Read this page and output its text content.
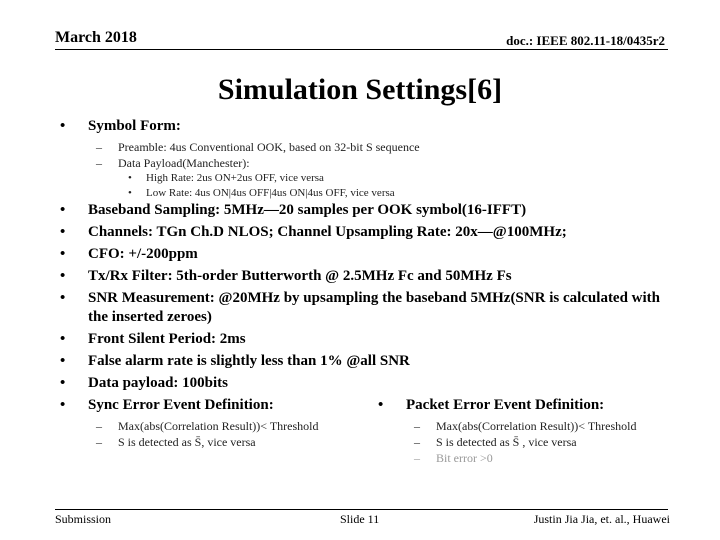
March 2018	doc.: IEEE 802.11-18/0435r2
Simulation Settings[6]
• Symbol Form:
– Preamble: 4us Conventional OOK, based on 32-bit S sequence
– Data Payload(Manchester):
• High Rate: 2us ON+2us OFF, vice versa
• Low Rate: 4us ON|4us OFF|4us ON|4us OFF, vice versa
• Baseband Sampling: 5MHz—20 samples per OOK symbol(16-IFFT)
• Channels: TGn Ch.D NLOS; Channel Upsampling Rate: 20x—@100MHz;
• CFO: +/-200ppm
• Tx/Rx Filter: 5th-order Butterworth @ 2.5MHz Fc and 50MHz Fs
• SNR Measurement: @20MHz by upsampling the baseband 5MHz(SNR is calculated with the inserted zeroes)
• Front Silent Period: 2ms
• False alarm rate is slightly less than 1% @all SNR
• Data payload: 100bits
• Sync Error Event Definition:
– Max(abs(Correlation Result))< Threshold
– S is detected as S̄, vice versa
• Packet Error Event Definition:
– Max(abs(Correlation Result))< Threshold
– S is detected as S̄ , vice versa
– Bit error >0
Submission	Slide 11	Justin Jia Jia, et. al., Huawei
